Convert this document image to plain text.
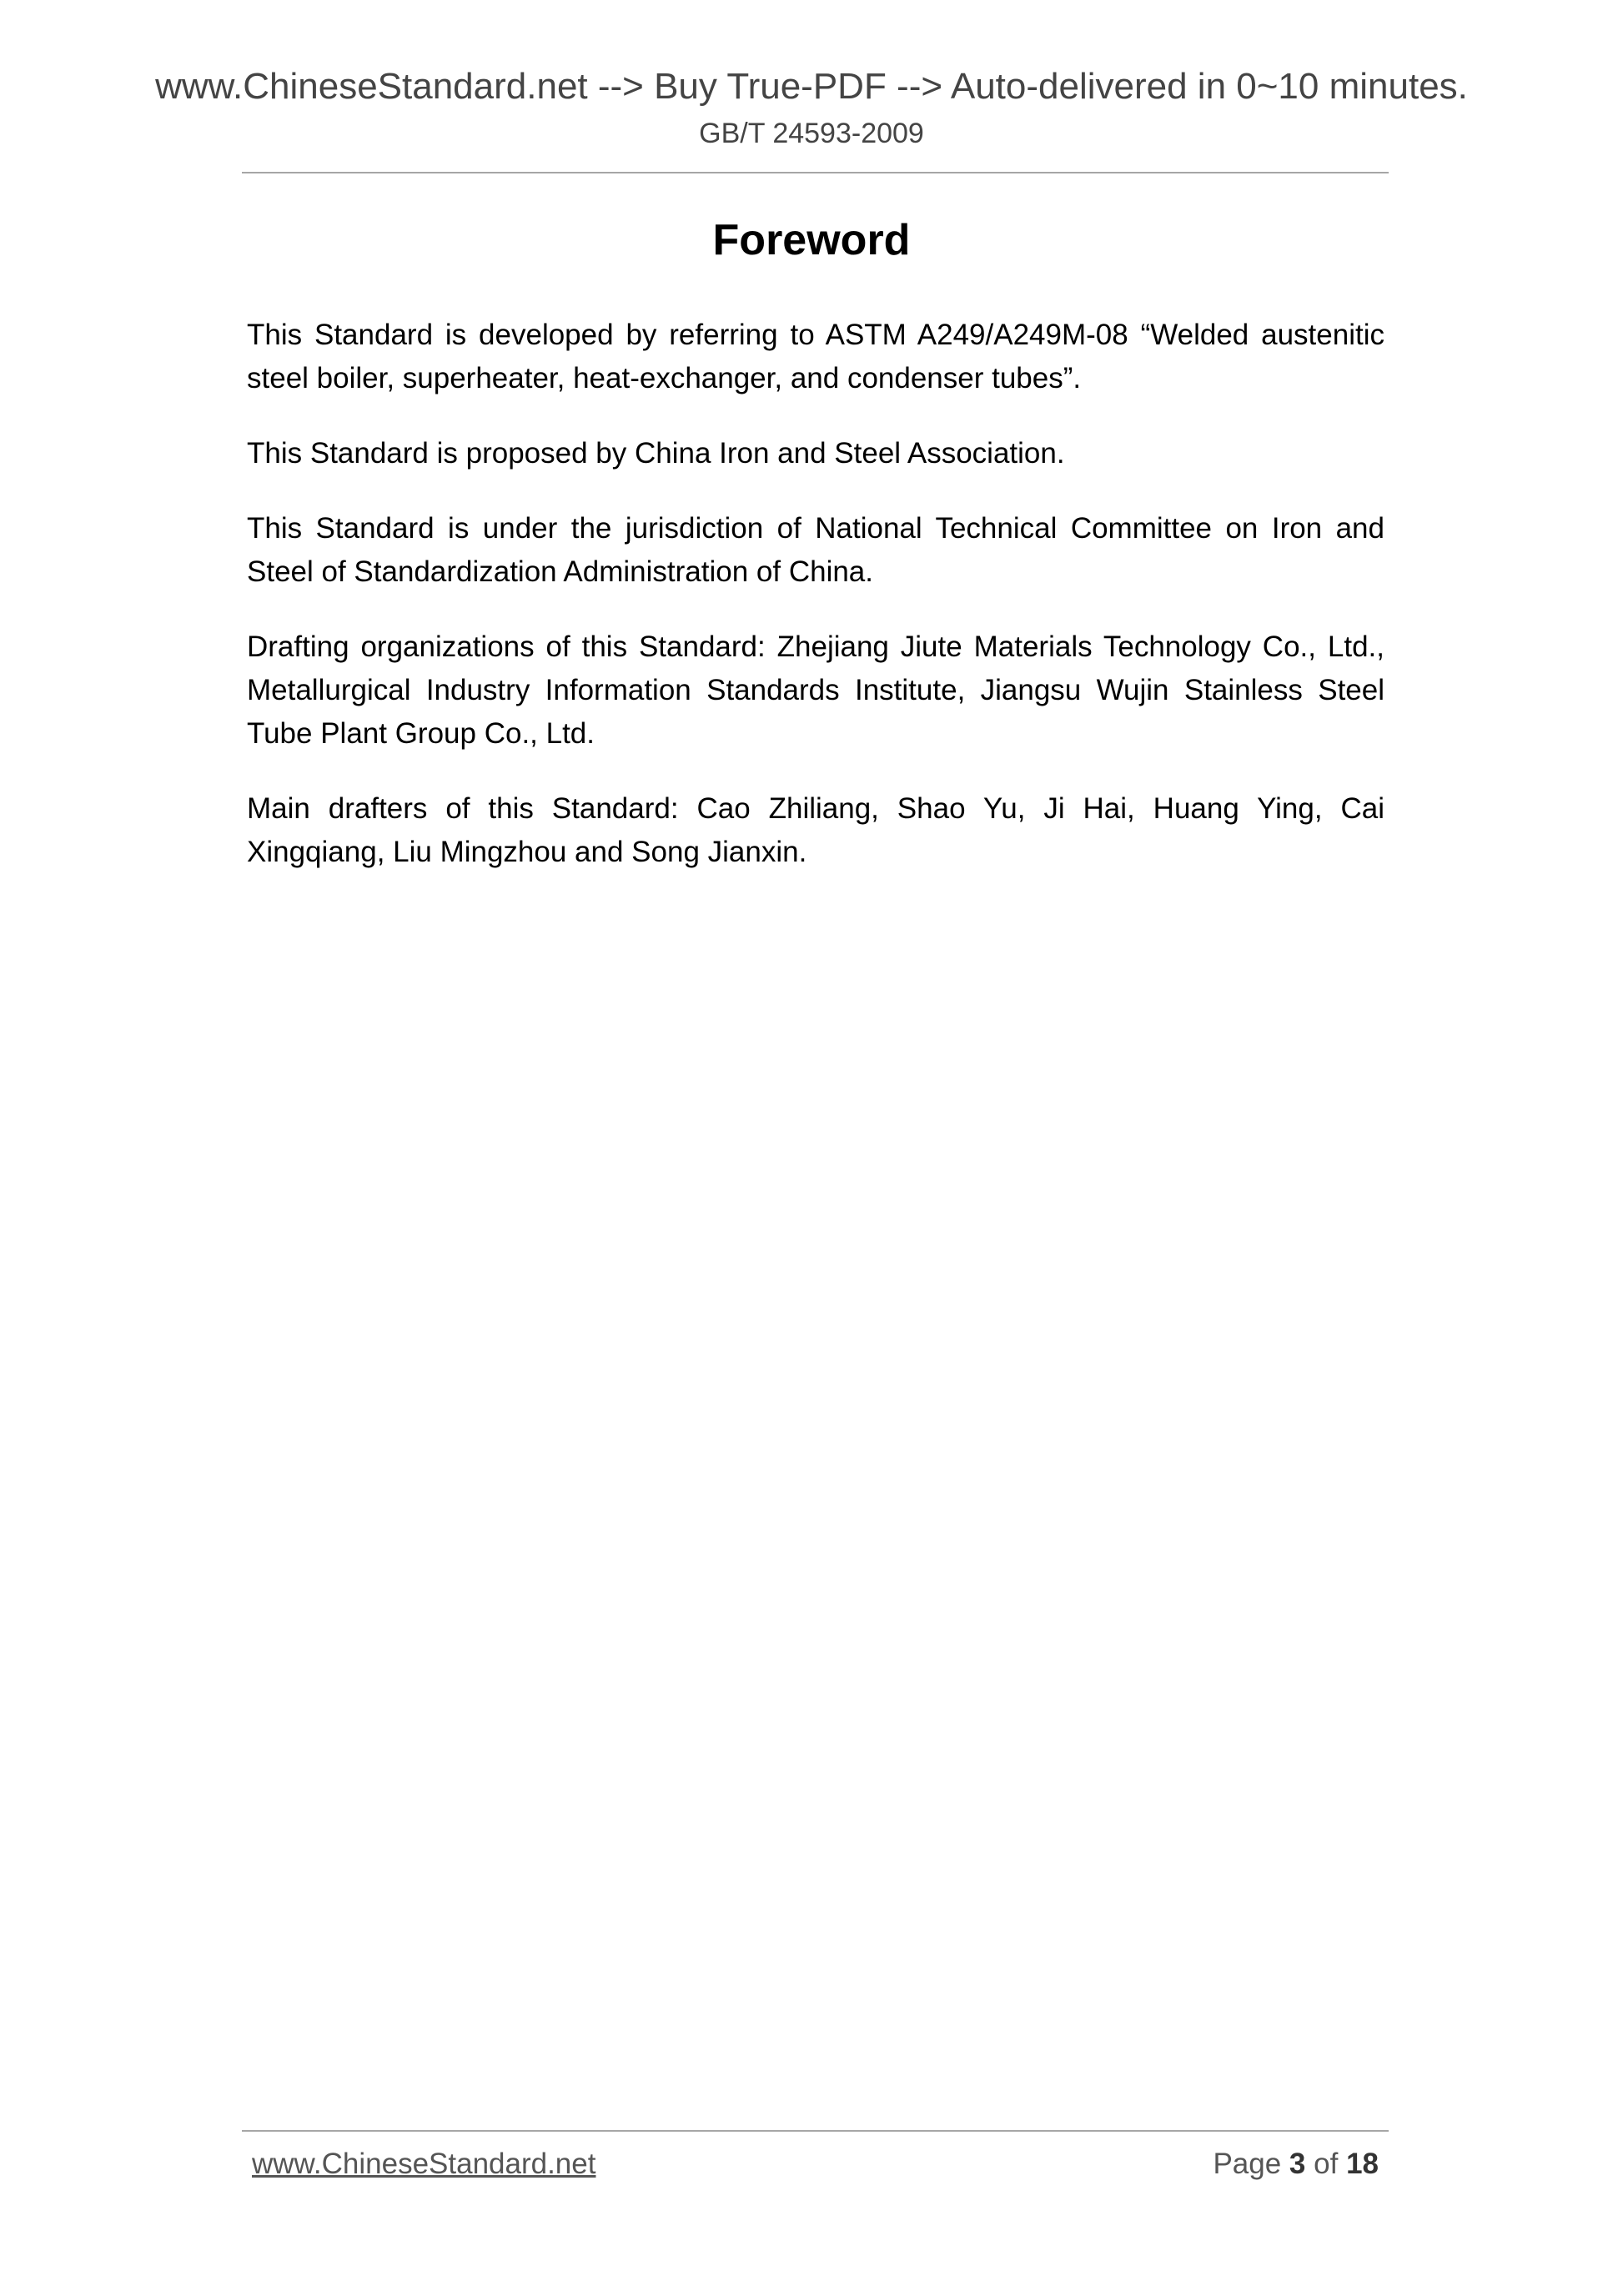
www.ChineseStandard.net --> Buy True-PDF --> Auto-delivered in 0~10 minutes.
GB/T 24593-2009
Foreword

This Standard is developed by referring to ASTM A249/A249M-08 “Welded austenitic steel boiler, superheater, heat-exchanger, and condenser tubes”.

This Standard is proposed by China Iron and Steel Association.

This Standard is under the jurisdiction of National Technical Committee on Iron and Steel of Standardization Administration of China.

Drafting organizations of this Standard: Zhejiang Jiute Materials Technology Co., Ltd., Metallurgical Industry Information Standards Institute, Jiangsu Wujin Stainless Steel Tube Plant Group Co., Ltd.

Main drafters of this Standard: Cao Zhiliang, Shao Yu, Ji Hai, Huang Ying, Cai Xingqiang, Liu Mingzhou and Song Jianxin.

www.ChineseStandard.net	Page 3 of 18
